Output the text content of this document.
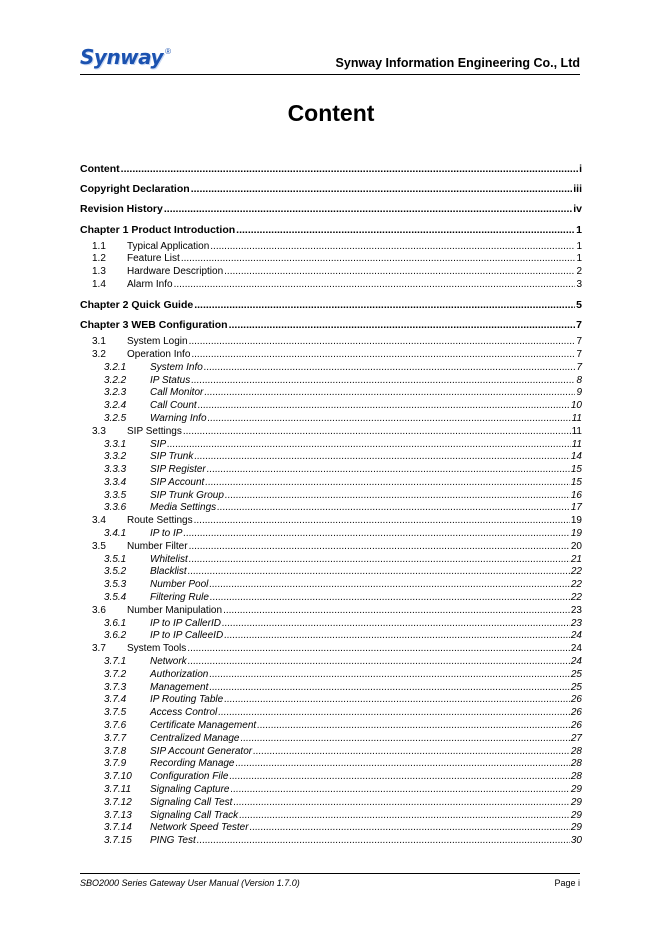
Synway ®
Synway Information Engineering Co., Ltd
Content
Content .....	i
Copyright Declaration .....	iii
Revision History .....	iv
Chapter 1 Product Introduction .....	1
1.1	Typical Application .....	1
1.2	Feature List .....	1
1.3	Hardware Description .....	2
1.4	Alarm Info .....	3
Chapter 2 Quick Guide .....	5
Chapter 3 WEB Configuration .....	7
3.1	System Login .....	7
3.2	Operation Info .....	7
3.2.1	System Info .....	7
3.2.2	IP Status .....	8
3.2.3	Call Monitor .....	9
3.2.4	Call Count .....	10
3.2.5	Warning Info .....	11
3.3	SIP Settings .....	11
3.3.1	SIP .....	11
3.3.2	SIP Trunk .....	14
3.3.3	SIP Register .....	15
3.3.4	SIP Account .....	15
3.3.5	SIP Trunk Group .....	16
3.3.6	Media Settings .....	17
3.4	Route Settings .....	19
3.4.1	IP to IP .....	19
3.5	Number Filter .....	20
3.5.1	Whitelist .....	21
3.5.2	Blacklist .....	22
3.5.3	Number Pool .....	22
3.5.4	Filtering Rule .....	22
3.6	Number Manipulation .....	23
3.6.1	IP to IP CallerID .....	23
3.6.2	IP to IP CalleeID .....	24
3.7	System Tools .....	24
3.7.1	Network .....	24
3.7.2	Authorization .....	25
3.7.3	Management .....	25
3.7.4	IP Routing Table .....	26
3.7.5	Access Control .....	26
3.7.6	Certificate Management .....	26
3.7.7	Centralized Manage .....	27
3.7.8	SIP Account Generator .....	28
3.7.9	Recording Manage .....	28
3.7.10	Configuration File .....	28
3.7.11	Signaling Capture .....	29
3.7.12	Signaling Call Test .....	29
3.7.13	Signaling Call Track .....	29
3.7.14	Network Speed Tester .....	29
3.7.15	PING Test .....	30
SBO2000 Series Gateway User Manual (Version 1.7.0)	Page i
